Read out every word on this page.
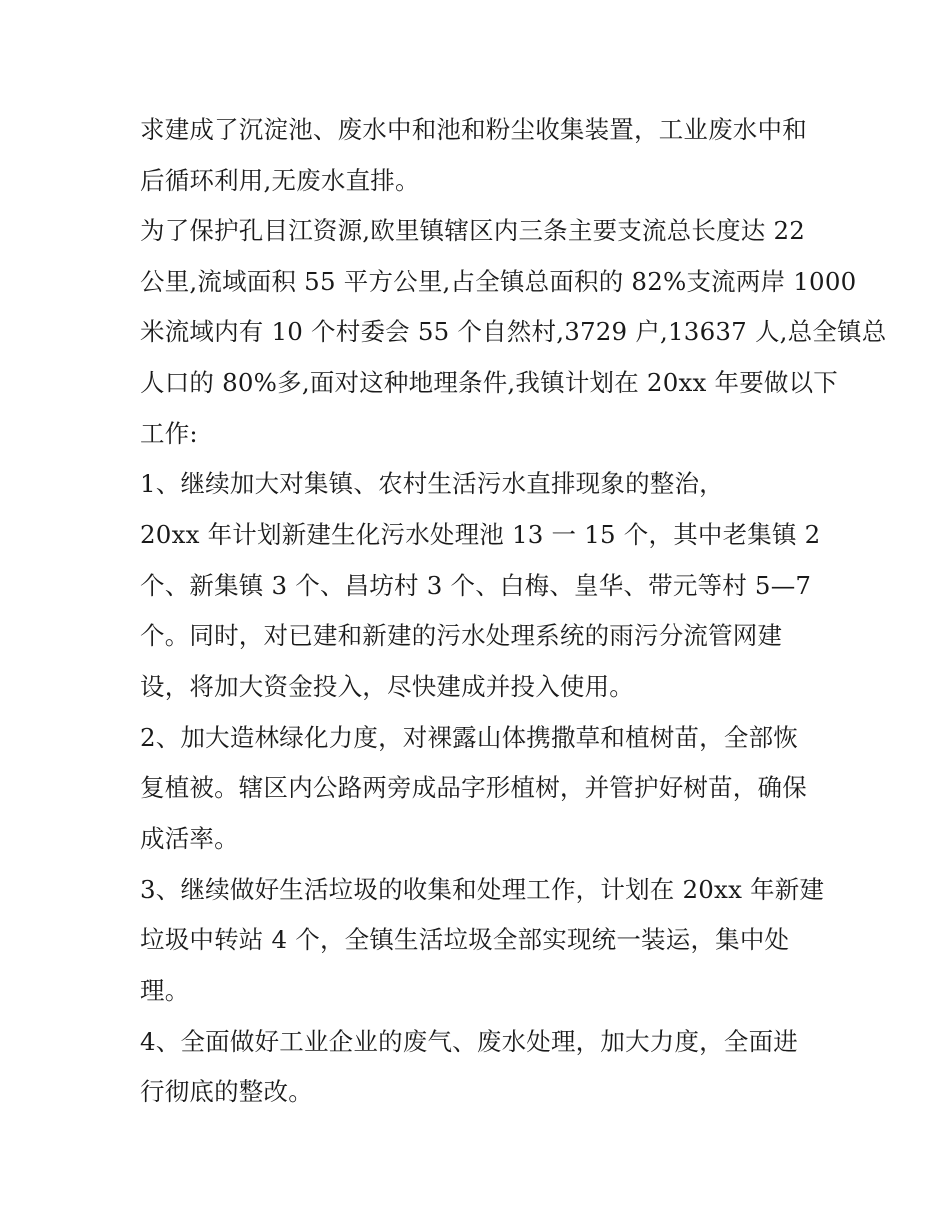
求建成了沉淀池、废水中和池和粉尘收集装置，工业废水中和
后循环利用,无废水直排。
为了保护孔目江资源,欧里镇辖区内三条主要支流总长度达 22
公里,流域面积 55 平方公里,占全镇总面积的 82%支流两岸 1000
米流域内有 10 个村委会 55 个自然村,3729 户,13637 人,总全镇总
人口的 80%多,面对这种地理条件,我镇计划在 20xx 年要做以下
工作:
1、继续加大对集镇、农村生活污水直排现象的整治，
20xx 年计划新建生化污水处理池 13 一 15 个，其中老集镇 2
个、新集镇 3 个、昌坊村 3 个、白梅、皇华、带元等村 5—7
个。同时，对已建和新建的污水处理系统的雨污分流管网建
设，将加大资金投入，尽快建成并投入使用。
2、加大造林绿化力度，对裸露山体携撒草和植树苗，全部恢
复植被。辖区内公路两旁成品字形植树，并管护好树苗，确保
成活率。
3、继续做好生活垃圾的收集和处理工作，计划在 20xx 年新建
垃圾中转站 4 个，全镇生活垃圾全部实现统一装运，集中处
理。
4、全面做好工业企业的废气、废水处理，加大力度，全面进
行彻底的整改。
